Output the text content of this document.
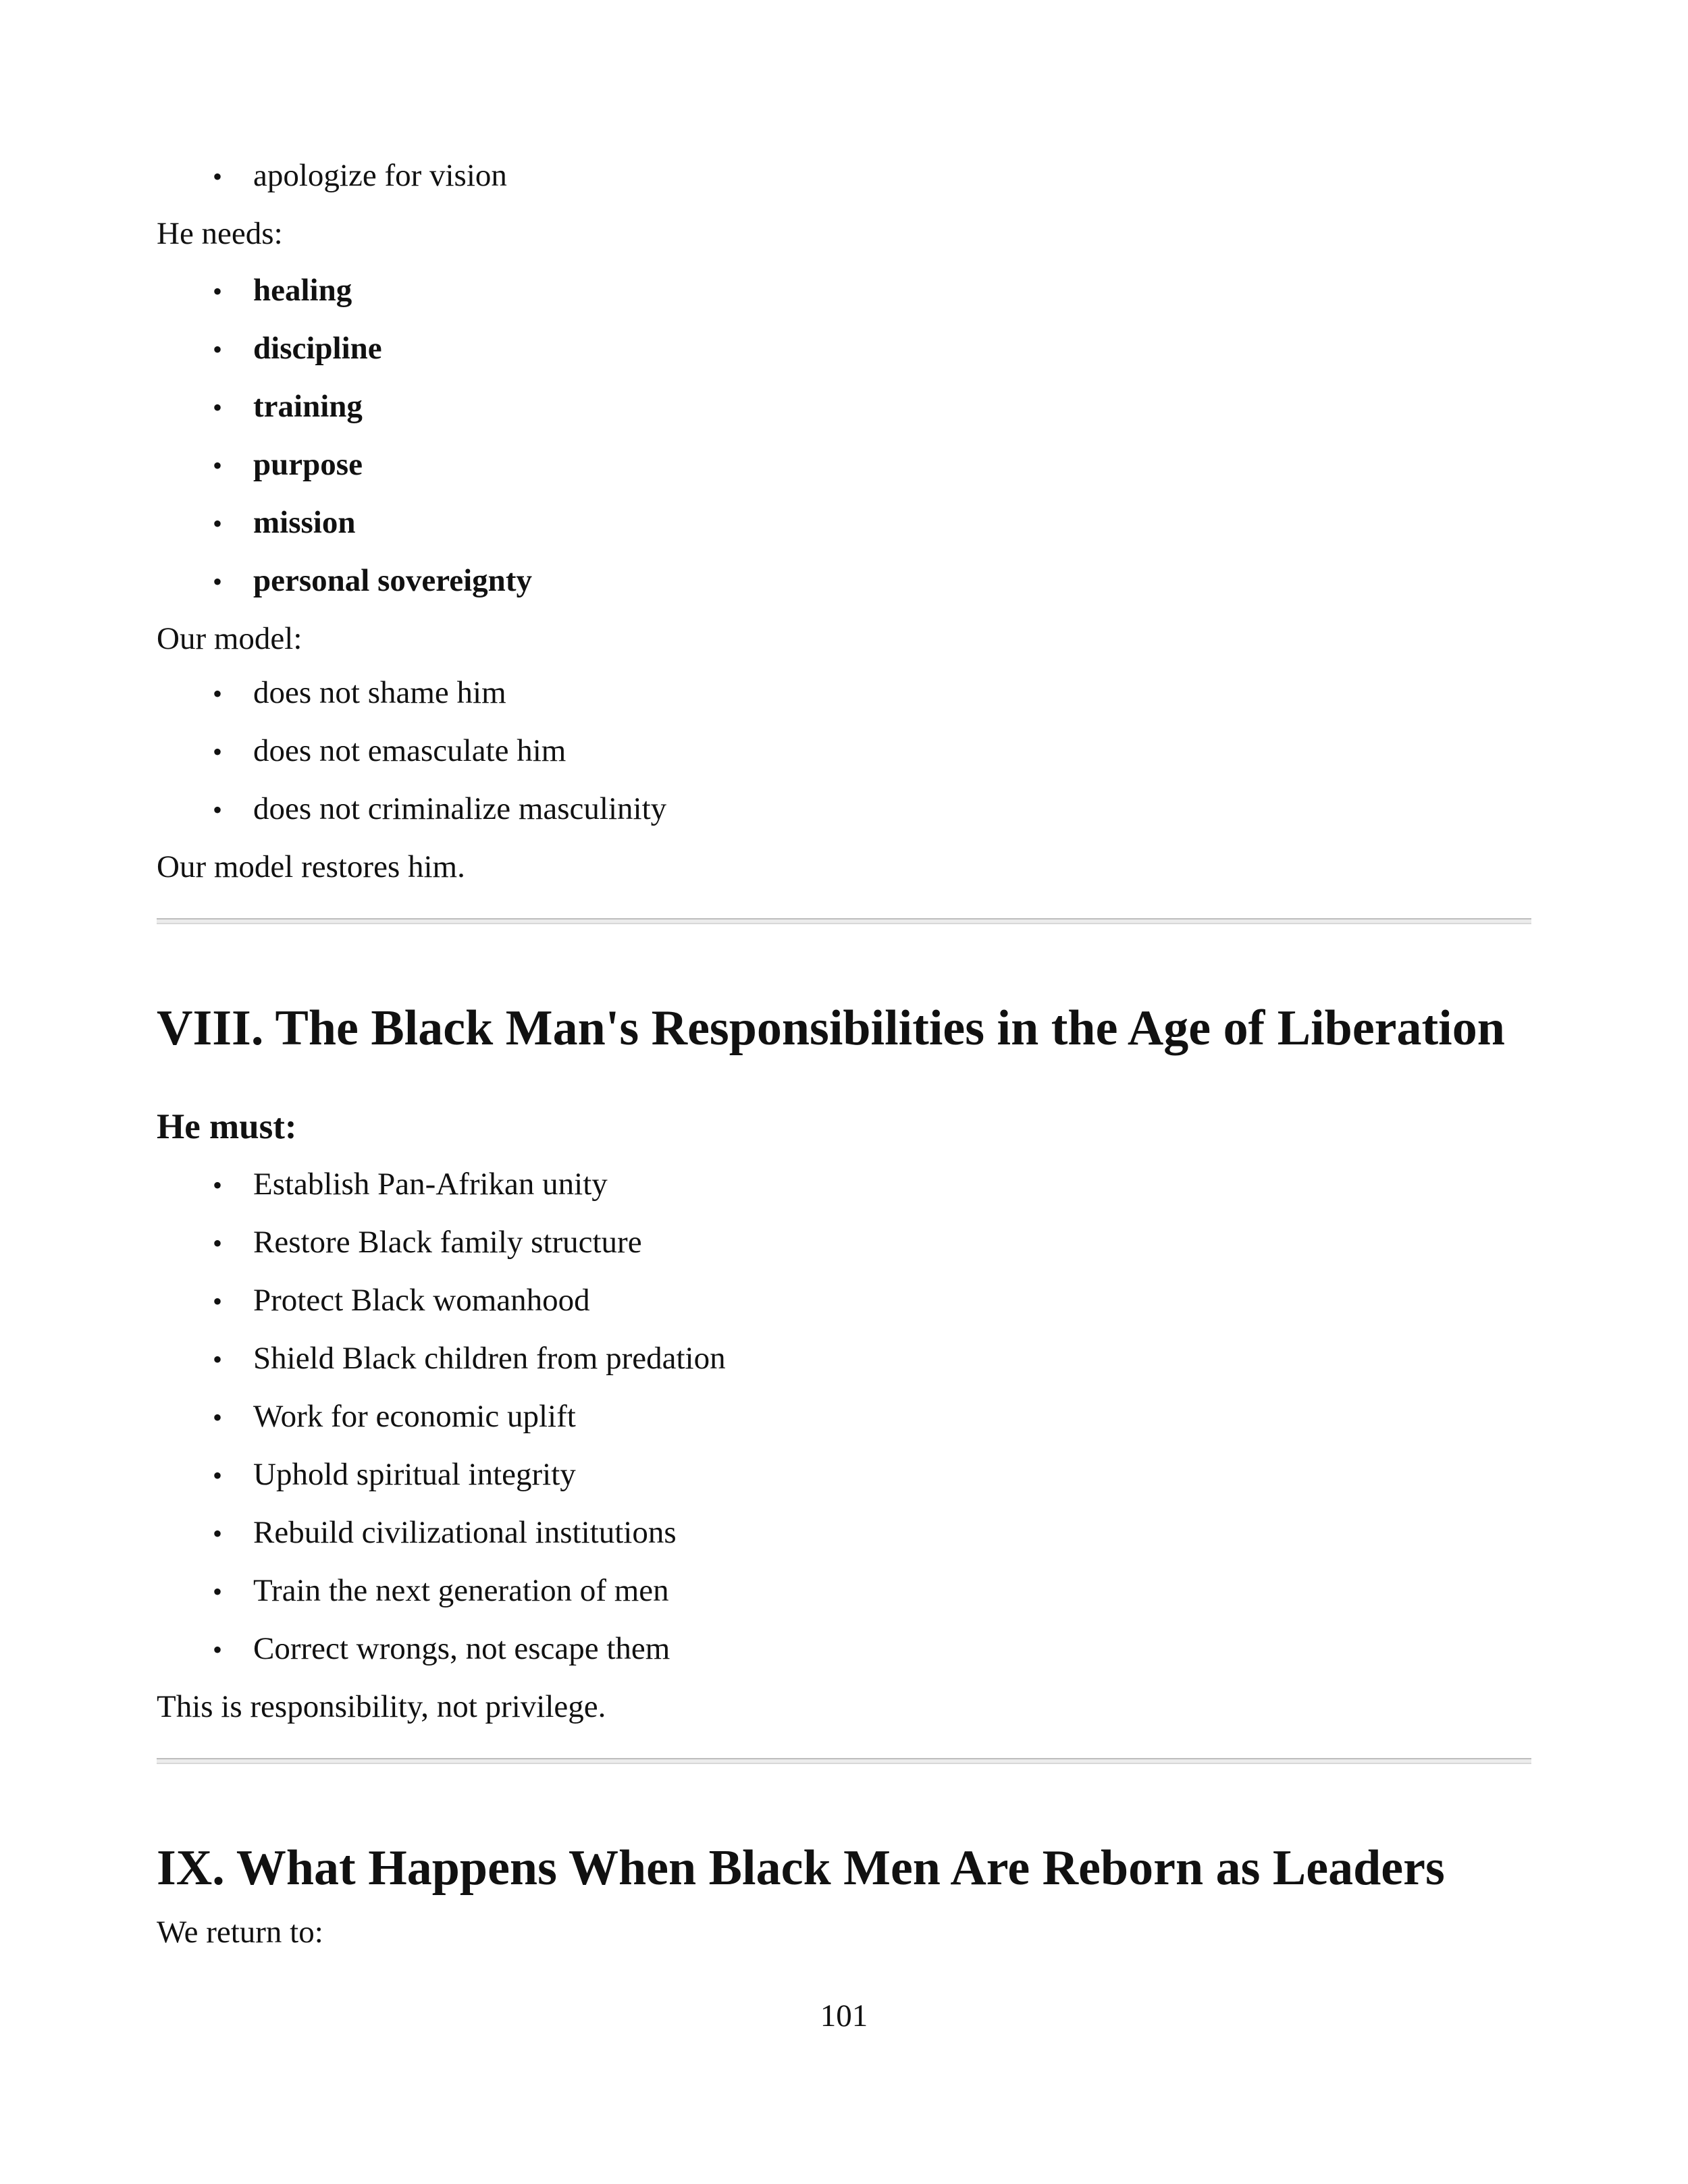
• apologize for vision
He needs:
• healing
• discipline
• training
• purpose
• mission
• personal sovereignty
Our model:
• does not shame him
• does not emasculate him
• does not criminalize masculinity
Our model restores him.
VIII. The Black Man's Responsibilities in the Age of Liberation
He must:
• Establish Pan-Afrikan unity
• Restore Black family structure
• Protect Black womanhood
• Shield Black children from predation
• Work for economic uplift
• Uphold spiritual integrity
• Rebuild civilizational institutions
• Train the next generation of men
• Correct wrongs, not escape them
This is responsibility, not privilege.
IX. What Happens When Black Men Are Reborn as Leaders
We return to:
101
